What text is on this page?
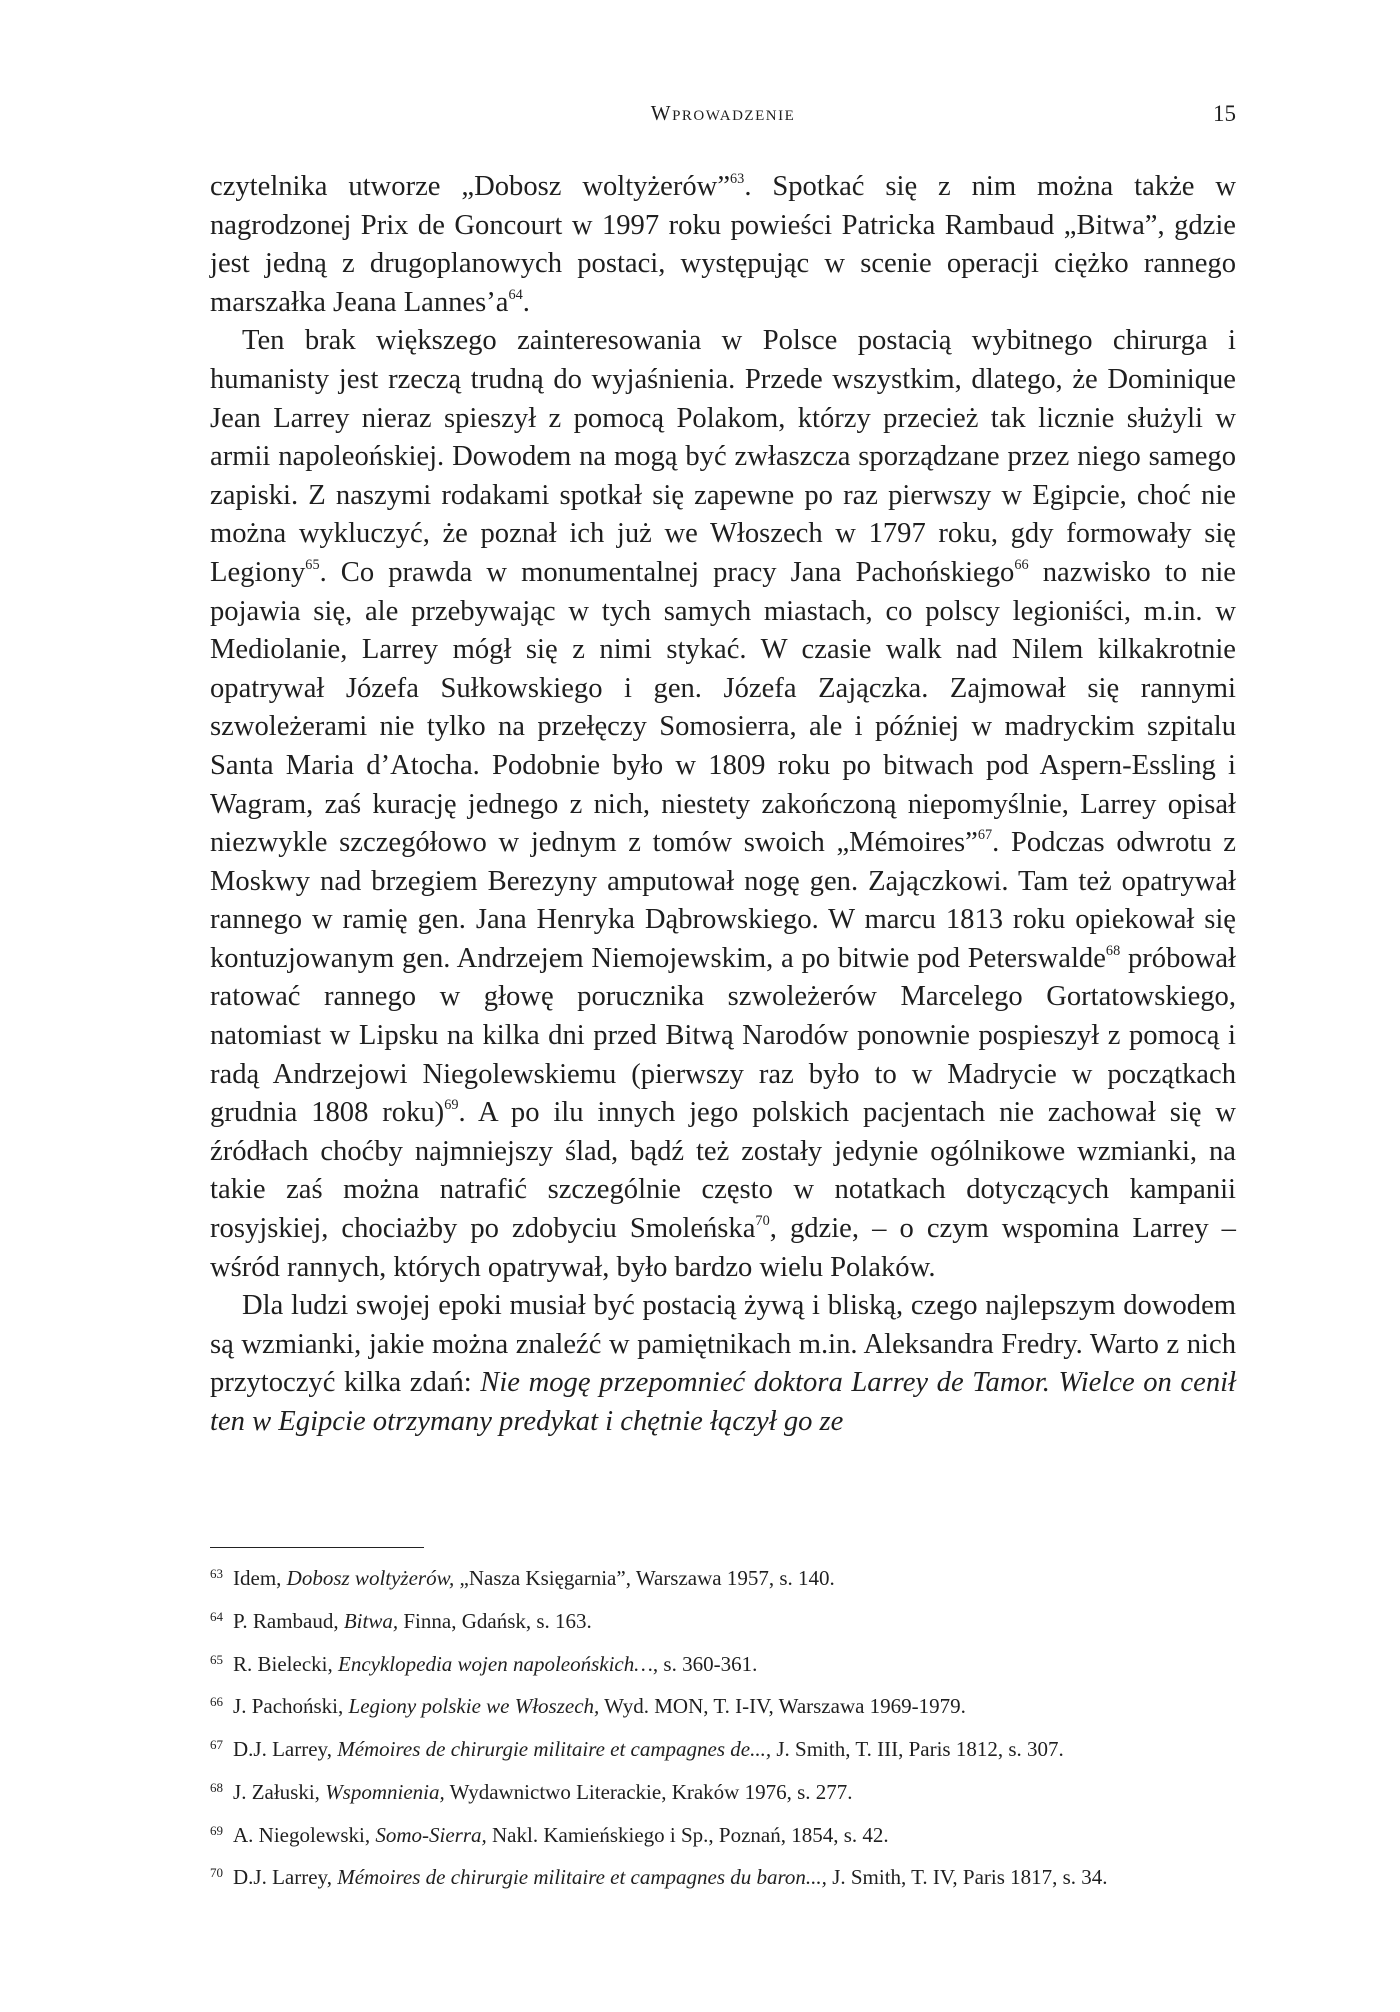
Wprowadzenie	15

czytelnika utworze „Dobosz woltyżerów”$^{63}$. Spotkać się z nim można także w nagrodzonej Prix de Goncourt w 1997 roku powieści Patricka Rambaud „Bitwa”, gdzie jest jedną z drugoplanowych postaci, występując w scenie operacji ciężko rannego marszałka Jeana $Lannes’a^{64}$.

Ten brak większego zainteresowania w Polsce postacią wybitnego chirurga i humanisty jest rzeczą trudną do wyjaśnienia. Przede wszystkim, dlatego, że Dominique Jean Larrey nieraz spieszył z pomocą Polakom, którzy przecież tak licznie służyli w armii napoleońskiej. Dowodem na mogą być zwłaszcza sporządzane przez niego samego zapiski. Z naszymi rodakami spotkał się zapewne po raz pierwszy w Egipcie, choć nie można wykluczyć, że poznał ich już we Włoszech w 1797 roku, gdy formowały się Legiony$^{65}$. Co prawda w monumentalnej pracy Jana Pachońskiego$^{66}$ nazwisko to nie pojawia się, ale przebywając w tych samych miastach, co polscy legioniści, m.in. w Mediolanie, Larrey mógł się z nimi stykać. W czasie walk nad Nilem kilkakrotnie opatrywał Józefa Sułkowskiego i gen. Józefa Zajączka. Zajmował się rannymi szwoleżerami nie tylko na przełęczy Somosierra, ale i później w madryckim szpitalu Santa Maria d’Atocha. Podobnie było w 1809 roku po bitwach pod Aspern-Essling i Wagram, zaś kurację jednego z nich, niestety zakończoną niepomyślnie, Larrey opisał niezwykle szczegółowo w jednym z tomów swoich „Mémoires”$^{67}$. Podczas odwrotu z Moskwy nad brzegiem Berezyny amputował nogę gen. Zajączkowi. Tam też opatrywał rannego w ramię gen. Jana Henryka Dąbrowskiego. W marcu 1813 roku opiekował się kontuzjowanym gen. Andrzejem Niemojewskim, a po bitwie pod Peterswalde$^{68}$ próbował ratować rannego w głowę porucznika szwoleżerów Marcelego Gortatowskiego, natomiast w Lipsku na kilka dni przed Bitwą Narodów ponownie pospieszył z pomocą i radą Andrzejowi Niegolewskiemu (pierwszy raz było to w Madrycie w początkach grudnia 1808 roku)$^{69}$. A po ilu innych jego polskich pacjentach nie zachował się w źródłach choćby najmniejszy ślad, bądź też zostały jedynie ogólnikowe wzmianki, na takie zaś można natrafić szczególnie często w notatkach dotyczących kampanii rosyjskiej, chociażby po zdobyciu Smoleńska$^{70}$, gdzie, – o czym wspomina Larrey – wśród rannych, których opatrywał, było bardzo wielu Polaków.

Dla ludzi swojej epoki musiał być postacią żywą i bliską, czego najlepszym dowodem są wzmianki, jakie można znaleźć w pamiętnikach m.in. Aleksandra Fredry. Warto z nich przytoczyć kilka zdań: Nie mogę przepomnieć doktora Larrey de Tamor. Wielce on cenił ten w Egipcie otrzymany predykat i chętnie łączył go ze

$^{63}$ Idem, Dobosz woltyżerów, „Nasza Księgarnia”, Warszawa 1957, s. 140.
$^{64}$ P. Rambaud, Bitwa, Finna, Gdańsk, s. 163.
$^{65}$ R. Bielecki, Encyklopedia wojen napoleońskich…, s. 360-361.
$^{66}$ J. Pachoński, Legiony polskie we Włoszech, Wyd. MON, T. I-IV, Warszawa 1969-1979.
$^{67}$ D.J. Larrey, Mémoires de chirurgie militaire et campagnes de..., J. Smith, T. III, Paris 1812, s. 307.
$^{68}$ J. Załuski, Wspomnienia, Wydawnictwo Literackie, Kraków 1976, s. 277.
$^{69}$ A. Niegolewski, Somo-Sierra, Nakl. Kamieńskiego i Sp., Poznań, 1854, s. 42.
$^{70}$ D.J. Larrey, Mémoires de chirurgie militaire et campagnes du baron..., J. Smith, T. IV, Paris 1817, s. 34.
